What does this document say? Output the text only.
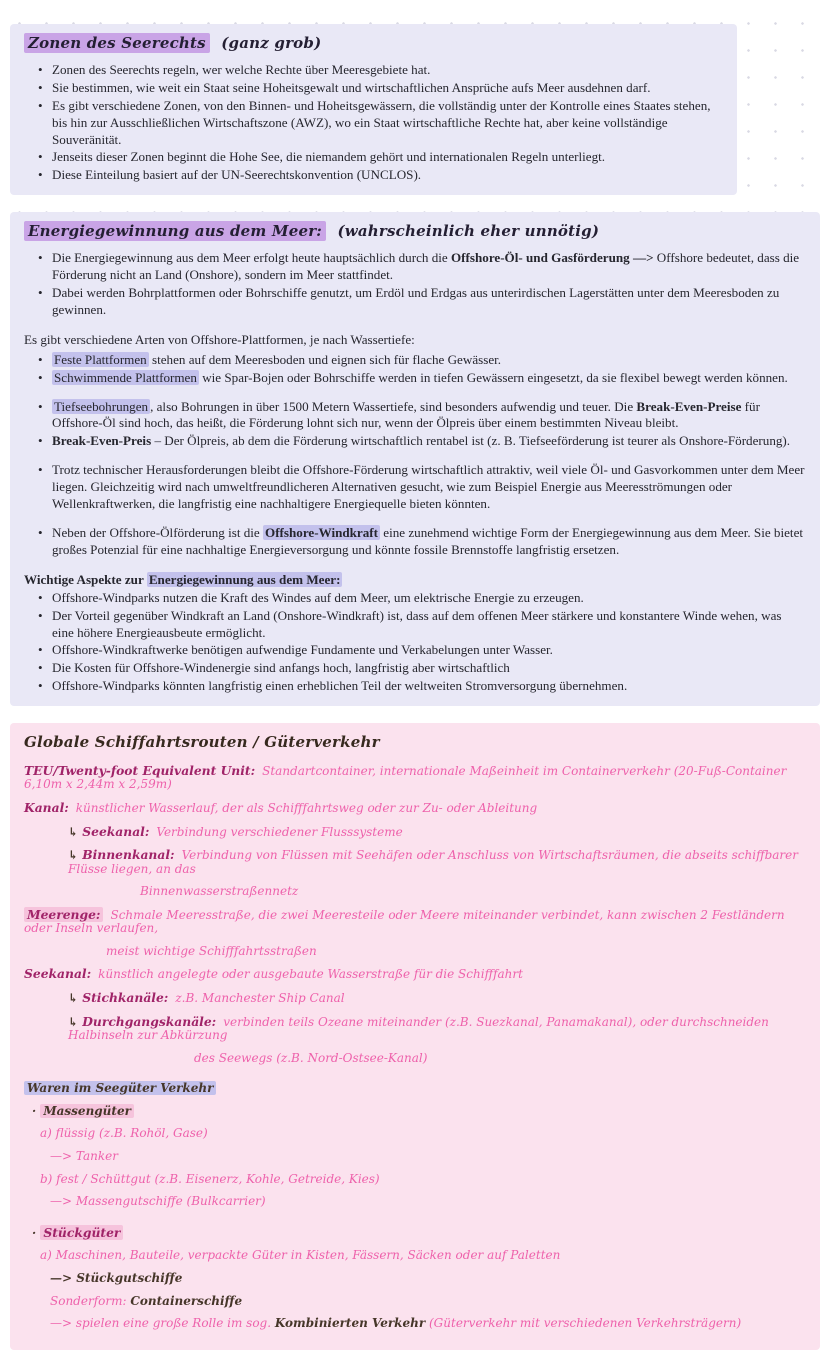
Zonen des Seerechts (ganz grob)
• Zonen des Seerechts regeln, wer welche Rechte über Meeresgebiete hat.
• Sie bestimmen, wie weit ein Staat seine Hoheitsgewalt und wirtschaftlichen Ansprüche aufs Meer ausdehnen darf.
• Es gibt verschiedene Zonen, von den Binnen- und Hoheitsgewässern, die vollständig unter der Kontrolle eines Staates stehen, bis hin zur Ausschließlichen Wirtschaftszone (AWZ), wo ein Staat wirtschaftliche Rechte hat, aber keine vollständige Souveränität.
• Jenseits dieser Zonen beginnt die Hohe See, die niemandem gehört und internationalen Regeln unterliegt.
• Diese Einteilung basiert auf der UN-Seerechtskonvention (UNCLOS).
Energiegewinnung aus dem Meer: (wahrscheinlich eher unnötig)
• Die Energiegewinnung aus dem Meer erfolgt heute hauptsächlich durch die Offshore-Öl- und Gasförderung —> Offshore bedeutet, dass die Förderung nicht an Land (Onshore), sondern im Meer stattfindet.
• Dabei werden Bohrplattformen oder Bohrschiffe genutzt, um Erdöl und Erdgas aus unterirdischen Lagerstätten unter dem Meeresboden zu gewinnen.

Es gibt verschiedene Arten von Offshore-Plattformen, je nach Wassertiefe:

• Feste Plattformen stehen auf dem Meeresboden und eignen sich für flache Gewässer.
• Schwimmende Plattformen wie Spar-Bojen oder Bohrschiffe werden in tiefen Gewässern eingesetzt, da sie flexibel bewegt werden können.
• Tiefseebohrungen , also Bohrungen in über 1500 Metern Wassertiefe, sind besonders aufwendig und teuer. Die Break-Even-Preise für Offshore-Öl sind hoch, das heißt, die Förderung lohnt sich nur, wenn der Ölpreis über einem bestimmten Niveau bleibt.
• Break-Even-Preis – Der Ölpreis, ab dem die Förderung wirtschaftlich rentabel ist (z. B. Tiefseeförderung ist teurer als Onshore-Förderung).
• Trotz technischer Herausforderungen bleibt die Offshore-Förderung wirtschaftlich attraktiv, weil viele Öl- und Gasvorkommen unter dem Meer liegen. Gleichzeitig wird nach umweltfreundlicheren Alternativen gesucht, wie zum Beispiel Energie aus Meeresströmungen oder Wellenkraftwerken, die langfristig eine nachhaltigere Energiequelle bieten könnten.
• Neben der Offshore-Ölförderung ist die Offshore-Windkraft eine zunehmend wichtige Form der Energiegewinnung aus dem Meer. Sie bietet großes Potenzial für eine nachhaltige Energieversorgung und könnte fossile Brennstoffe langfristig ersetzen.

Wichtige Aspekte zur Energiegewinnung aus dem Meer:

• Offshore-Windparks nutzen die Kraft des Windes auf dem Meer, um elektrische Energie zu erzeugen.
• Der Vorteil gegenüber Windkraft an Land (Onshore-Windkraft) ist, dass auf dem offenen Meer stärkere und konstantere Winde wehen, was eine höhere Energieausbeute ermöglicht.
• Offshore-Windkraftwerke benötigen aufwendige Fundamente und Verkabelungen unter Wasser.
• Die Kosten für Offshore-Windenergie sind anfangs hoch, langfristig aber wirtschaftlich
• Offshore-Windparks könnten langfristig einen erheblichen Teil der weltweiten Stromversorgung übernehmen.
Globale Schiffahrtsrouten / Güterverkehr
TEU/Twenty-foot Equivalent Unit: Standartcontainer, internationale Maßeinheit im Containerverkehr (20-Fuß-Container 6,10m x 2,44m x 2,59m)
Kanal: künstlicher Wasserlauf, der als Schifffahrtsweg oder zur Zu- oder Ableitung
↳ Seekanal: Verbindung verschiedener Flusssysteme
↳ Binnenkanal: Verbindung von Flüssen mit Seehäfen oder Anschluss von Wirtschaftsräumen, die abseits schiffbarer Flüsse liegen, an das
Binnenwasserstraßennetz
Meerenge: Schmale Meeresstraße, die zwei Meeresteile oder Meere miteinander verbindet, kann zwischen 2 Festländern oder Inseln verlaufen,
meist wichtige Schifffahrtsstraßen
Seekanal: künstlich angelegte oder ausgebaute Wasserstraße für die Schifffahrt
↳ Stichkanäle: z.B. Manchester Ship Canal
↳ Durchgangskanäle: verbinden teils Ozeane miteinander (z.B. Suezkanal, Panamakanal), oder durchschneiden Halbinseln zur Abkürzung
des Seewegs (z.B. Nord-Ostsee-Kanal)
Waren im Seegüter Verkehr
· Massengüter
a) flüssig (z.B. Rohöl, Gase)
—> Tanker
b) fest / Schüttgut (z.B. Eisenerz, Kohle, Getreide, Kies)
—> Massengutschiffe (Bulkcarrier)
· Stückgüter
a) Maschinen, Bauteile, verpackte Güter in Kisten, Fässern, Säcken oder auf Paletten
—> Stückgutschiffe
Sonderform: Containerschiffe
—> spielen eine große Rolle im sog. Kombinierten Verkehr (Güterverkehr mit verschiedenen Verkehrsträgern)
